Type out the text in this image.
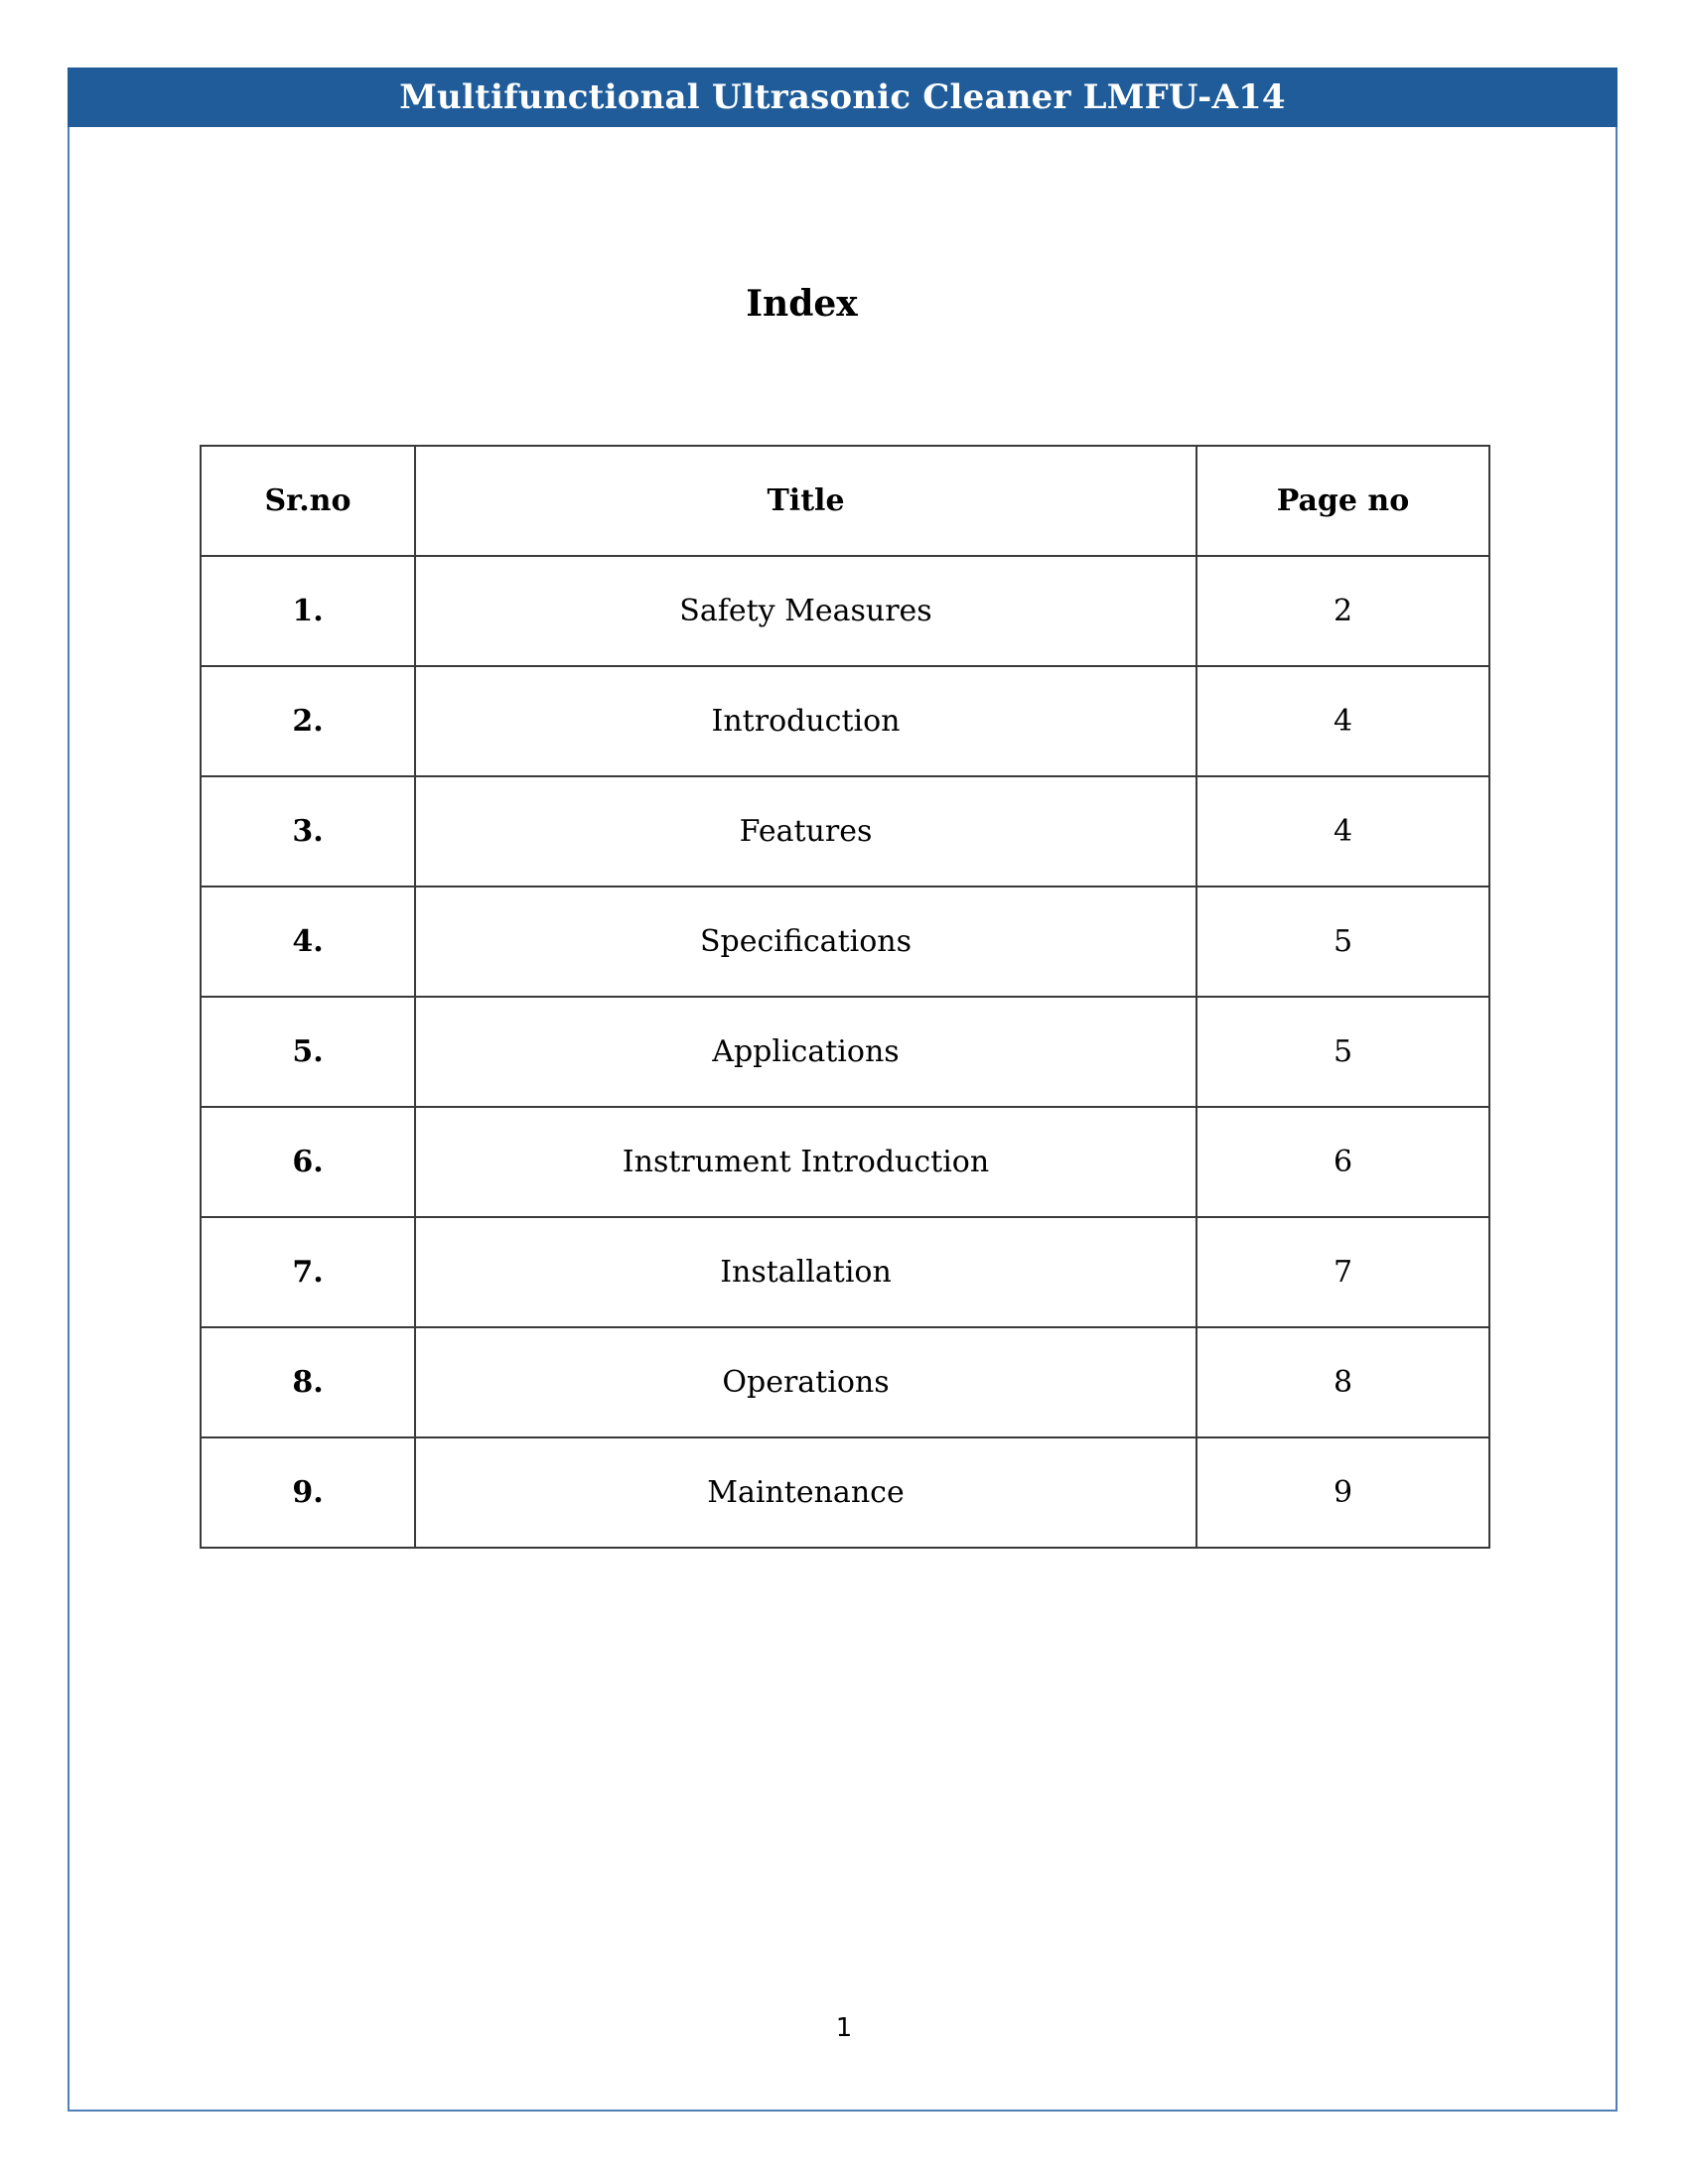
Multifunctional Ultrasonic Cleaner LMFU-A14
Index
Sr.no	Title	Page no
1.	Safety Measures	2
2.	Introduction	4
3.	Features	4
4.	Specifications	5
5.	Applications	5
6.	Instrument Introduction	6
7.	Installation	7
8.	Operations	8
9.	Maintenance	9
1
